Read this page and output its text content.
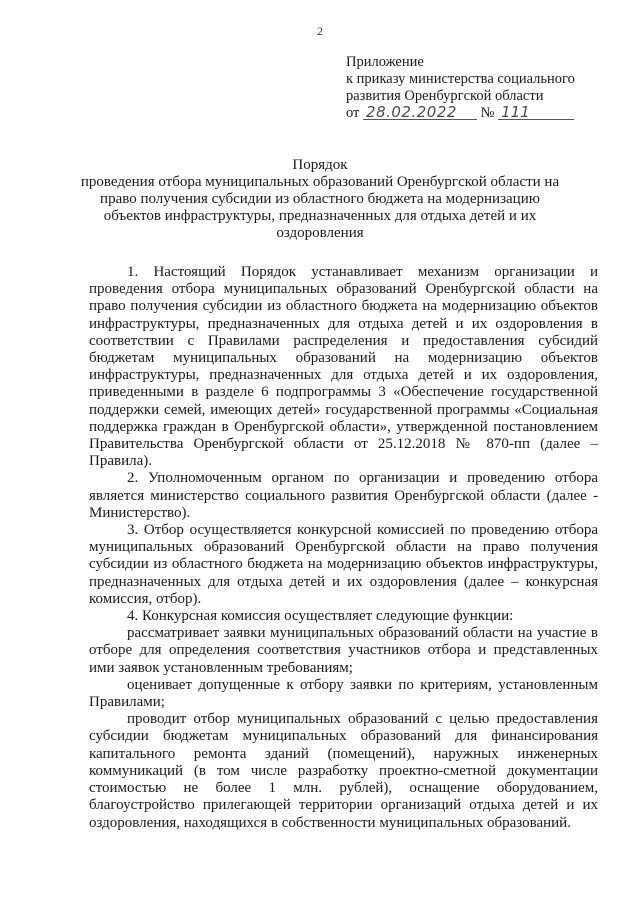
2
Приложение
к приказу министерства социального
развития Оренбургской области
от 28.02.2022 № 111
Порядок
проведения отбора муниципальных образований Оренбургской области на право получения субсидии из областного бюджета на модернизацию объектов инфраструктуры, предназначенных для отдыха детей и их оздоровления

1. Настоящий Порядок устанавливает механизм организации и проведения отбора муниципальных образований Оренбургской области на право получения субсидии из областного бюджета на модернизацию объектов инфраструктуры, предназначенных для отдыха детей и их оздоровления в соответствии с Правилами распределения и предоставления субсидий бюджетам муниципальных образований на модернизацию объектов инфраструктуры, предназначенных для отдыха детей и их оздоровления, приведенными в разделе 6 подпрограммы 3 «Обеспечение государственной поддержки семей, имеющих детей» государственной программы «Социальная поддержка граждан в Оренбургской области», утвержденной постановлением Правительства Оренбургской области от 25.12.2018 № 870-пп (далее – Правила).

2. Уполномоченным органом по организации и проведению отбора является министерство социального развития Оренбургской области (далее - Министерство).

3. Отбор осуществляется конкурсной комиссией по проведению отбора муниципальных образований Оренбургской области на право получения субсидии из областного бюджета на модернизацию объектов инфраструктуры, предназначенных для отдыха детей и их оздоровления (далее – конкурсная комиссия, отбор).

4. Конкурсная комиссия осуществляет следующие функции:

рассматривает заявки муниципальных образований области на участие в отборе для определения соответствия участников отбора и представленных ими заявок установленным требованиям;

оценивает допущенные к отбору заявки по критериям, установленным Правилами;

проводит отбор муниципальных образований с целью предоставления субсидии бюджетам муниципальных образований для финансирования капитального ремонта зданий (помещений), наружных инженерных коммуникаций (в том числе разработку проектно-сметной документации стоимостью не более 1 млн. рублей), оснащение оборудованием, благоустройство прилегающей территории организаций отдыха детей и их оздоровления, находящихся в собственности муниципальных образований.
